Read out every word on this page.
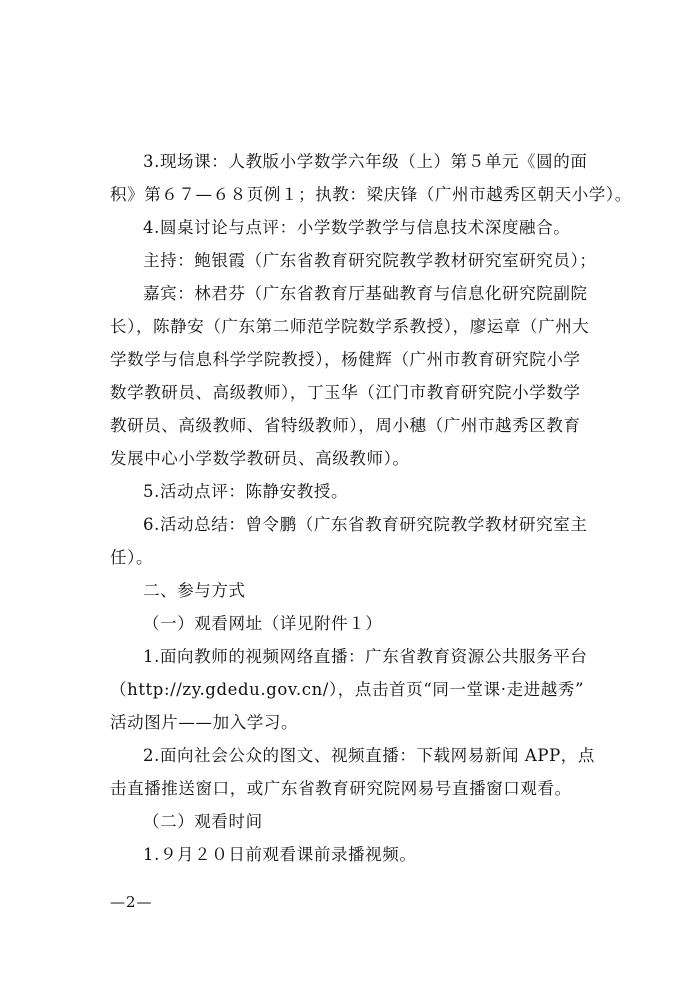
3.现场课：人教版小学数学六年级（上）第５单元《圆的面
积》第６７—６８页例１；执教：梁庆锋（广州市越秀区朝天小学）。
4.圆桌讨论与点评：小学数学教学与信息技术深度融合。
主持：鲍银霞（广东省教育研究院教学教材研究室研究员）；
嘉宾：林君芬（广东省教育厅基础教育与信息化研究院副院
长），陈静安（广东第二师范学院数学系教授），廖运章（广州大
学数学与信息科学学院教授），杨健辉（广州市教育研究院小学
数学教研员、高级教师），丁玉华（江门市教育研究院小学数学
教研员、高级教师、省特级教师），周小穗（广州市越秀区教育
发展中心小学数学教研员、高级教师）。
5.活动点评：陈静安教授。
6.活动总结：曾令鹏（广东省教育研究院教学教材研究室主
任）。
二、参与方式
（一）观看网址（详见附件１）
1.面向教师的视频网络直播：广东省教育资源公共服务平台
（http://zy.gdedu.gov.cn/），点击首页“同一堂课·走进越秀”
活动图片——加入学习。
2.面向社会公众的图文、视频直播：下载网易新闻 APP，点
击直播推送窗口，或广东省教育研究院网易号直播窗口观看。
（二）观看时间
1.９月２０日前观看课前录播视频。
—2—
